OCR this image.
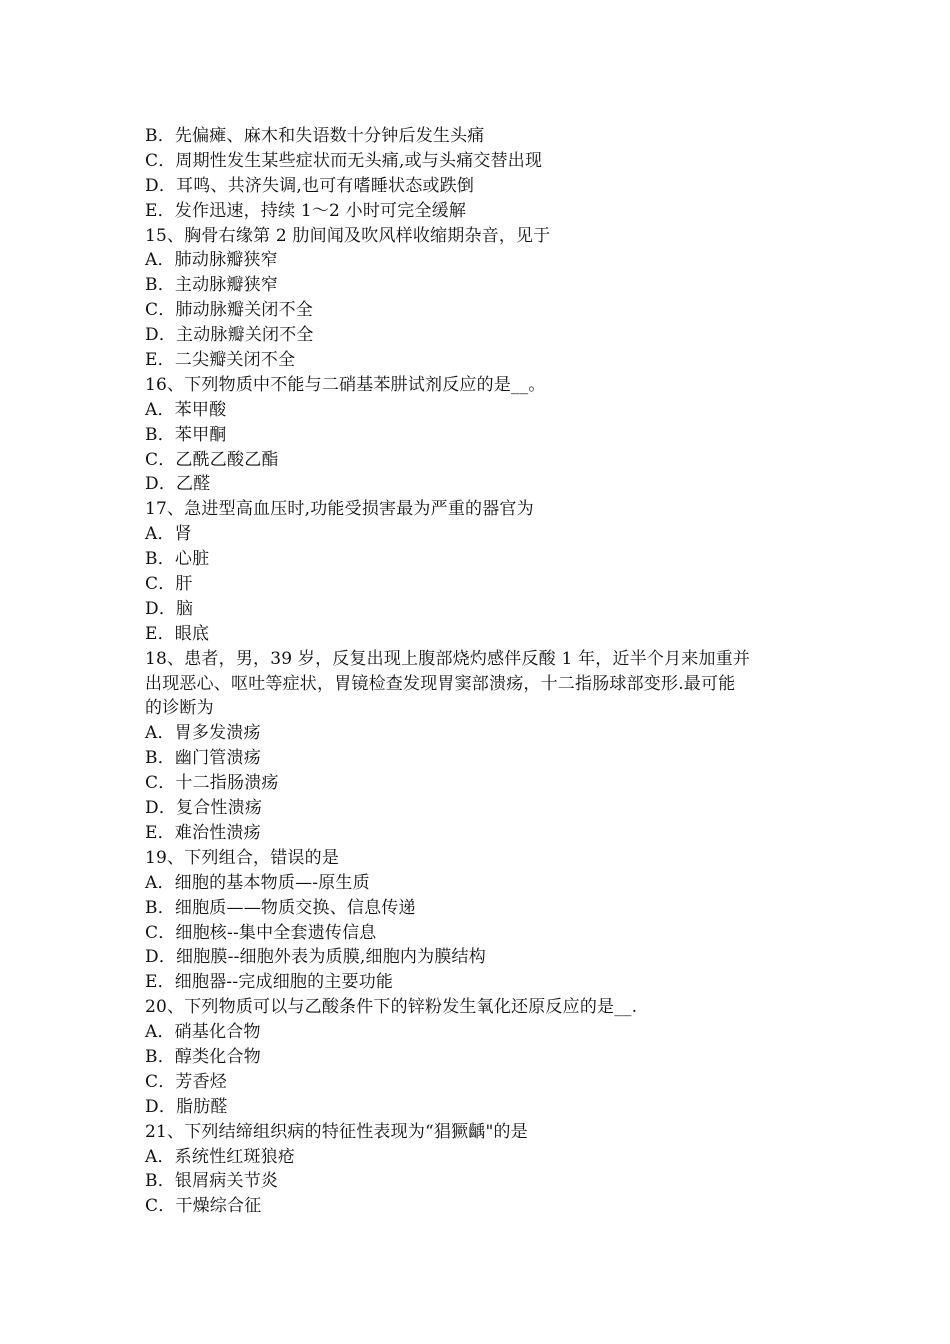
B．先偏瘫、麻木和失语数十分钟后发生头痛
C．周期性发生某些症状而无头痛,或与头痛交替出现
D．耳鸣、共济失调,也可有嗜睡状态或跌倒
E．发作迅速，持续 1～2 小时可完全缓解
15、胸骨右缘第 2 肋间闻及吹风样收缩期杂音，见于
A．肺动脉瓣狭窄
B．主动脉瓣狭窄
C．肺动脉瓣关闭不全
D．主动脉瓣关闭不全
E．二尖瓣关闭不全
16、下列物质中不能与二硝基苯肼试剂反应的是__。
A．苯甲酸
B．苯甲酮
C．乙酰乙酸乙酯
D．乙醛
17、急进型高血压时,功能受损害最为严重的器官为
A．肾
B．心脏
C．肝
D．脑
E．眼底
18、患者，男，39 岁，反复出现上腹部烧灼感伴反酸 1 年，近半个月来加重并
出现恶心、呕吐等症状，胃镜检查发现胃窦部溃疡，十二指肠球部变形.最可能
的诊断为
A．胃多发溃疡
B．幽门管溃疡
C．十二指肠溃疡
D．复合性溃疡
E．难治性溃疡
19、下列组合，错误的是
A．细胞的基本物质—-原生质
B．细胞质——物质交换、信息传递
C．细胞核--集中全套遗传信息
D．细胞膜--细胞外表为质膜,细胞内为膜结构
E．细胞器--完成细胞的主要功能
20、下列物质可以与乙酸条件下的锌粉发生氧化还原反应的是__.
A．硝基化合物
B．醇类化合物
C．芳香烃
D．脂肪醛
21、下列结缔组织病的特征性表现为“猖獗齲"的是
A．系统性红斑狼疮
B．银屑病关节炎
C．干燥综合征
